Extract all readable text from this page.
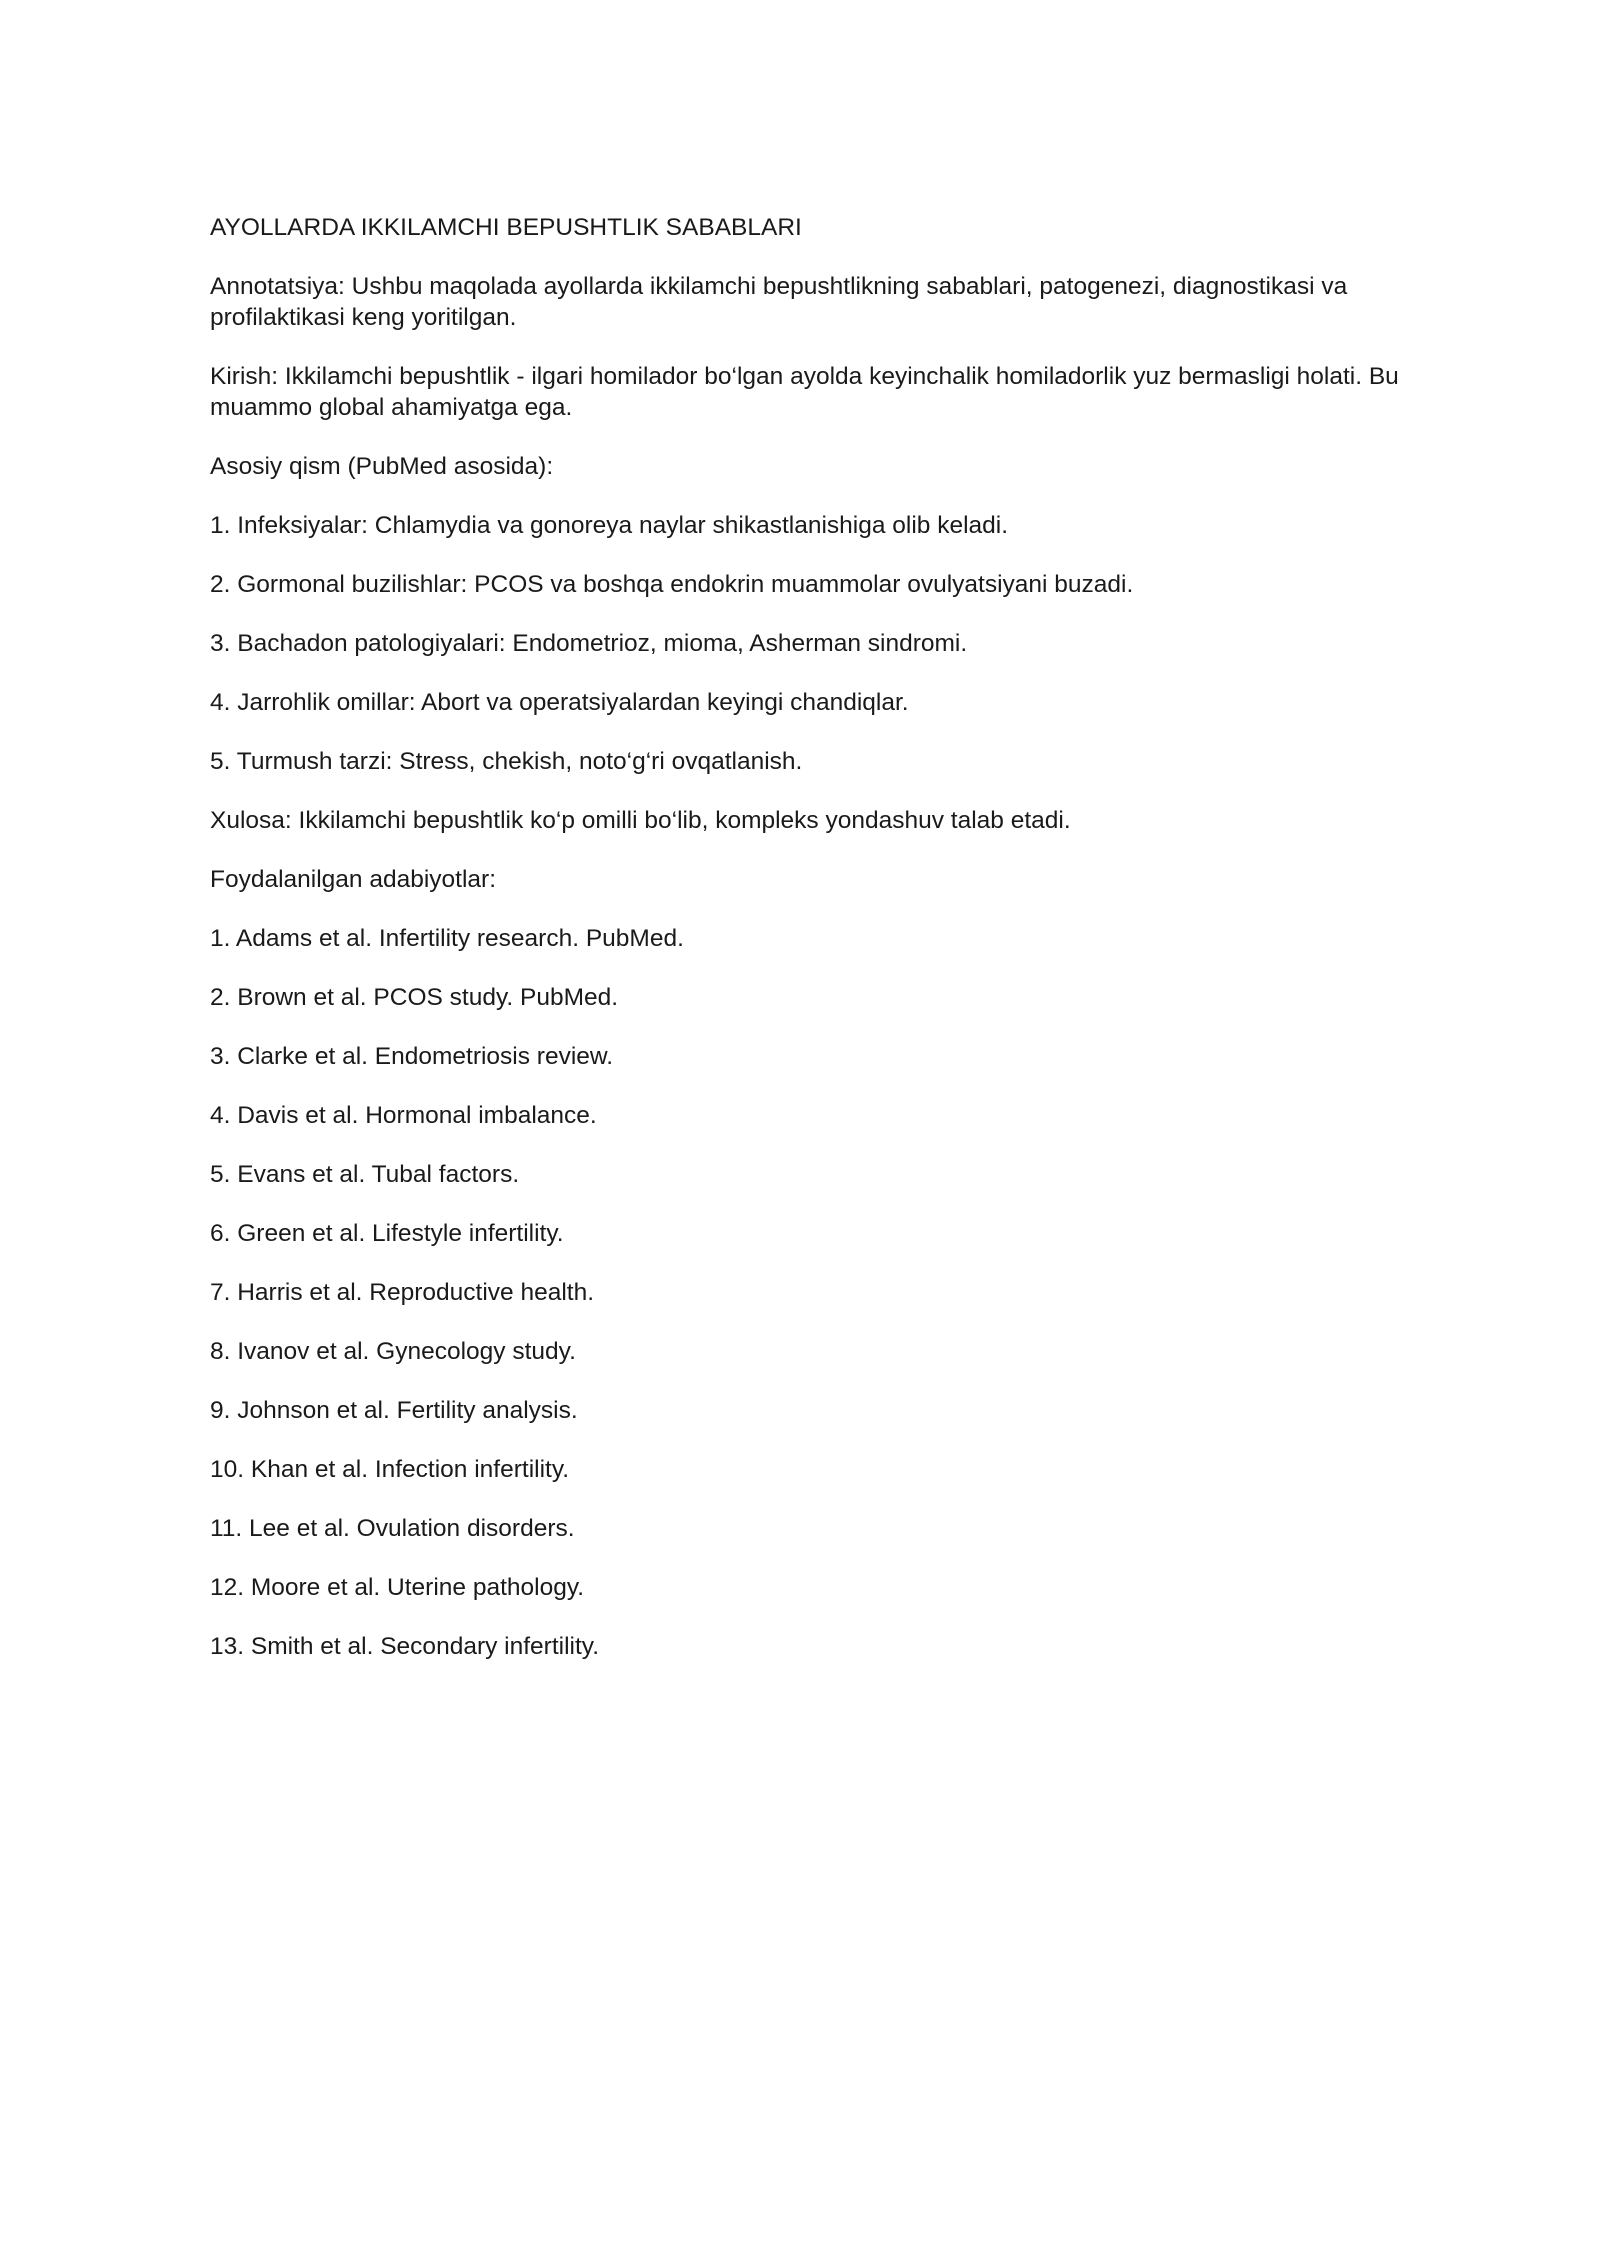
AYOLLARDA IKKILAMCHI BEPUSHTLIK SABABLARI

Annotatsiya: Ushbu maqolada ayollarda ikkilamchi bepushtlikning sabablari, patogenezi, diagnostikasi va profilaktikasi keng yoritilgan.

Kirish: Ikkilamchi bepushtlik - ilgari homilador bo‘lgan ayolda keyinchalik homiladorlik yuz bermasligi holati. Bu muammo global ahamiyatga ega.

Asosiy qism (PubMed asosida):

1. Infeksiyalar: Chlamydia va gonoreya naylar shikastlanishiga olib keladi.

2. Gormonal buzilishlar: PCOS va boshqa endokrin muammolar ovulyatsiyani buzadi.

3. Bachadon patologiyalari: Endometrioz, mioma, Asherman sindromi.

4. Jarrohlik omillar: Abort va operatsiyalardan keyingi chandiqlar.

5. Turmush tarzi: Stress, chekish, noto‘g‘ri ovqatlanish.

Xulosa: Ikkilamchi bepushtlik ko‘p omilli bo‘lib, kompleks yondashuv talab etadi.

Foydalanilgan adabiyotlar:

1. Adams et al. Infertility research. PubMed.

2. Brown et al. PCOS study. PubMed.

3. Clarke et al. Endometriosis review.

4. Davis et al. Hormonal imbalance.

5. Evans et al. Tubal factors.

6. Green et al. Lifestyle infertility.

7. Harris et al. Reproductive health.

8. Ivanov et al. Gynecology study.

9. Johnson et al. Fertility analysis.

10. Khan et al. Infection infertility.

11. Lee et al. Ovulation disorders.

12. Moore et al. Uterine pathology.

13. Smith et al. Secondary infertility.
